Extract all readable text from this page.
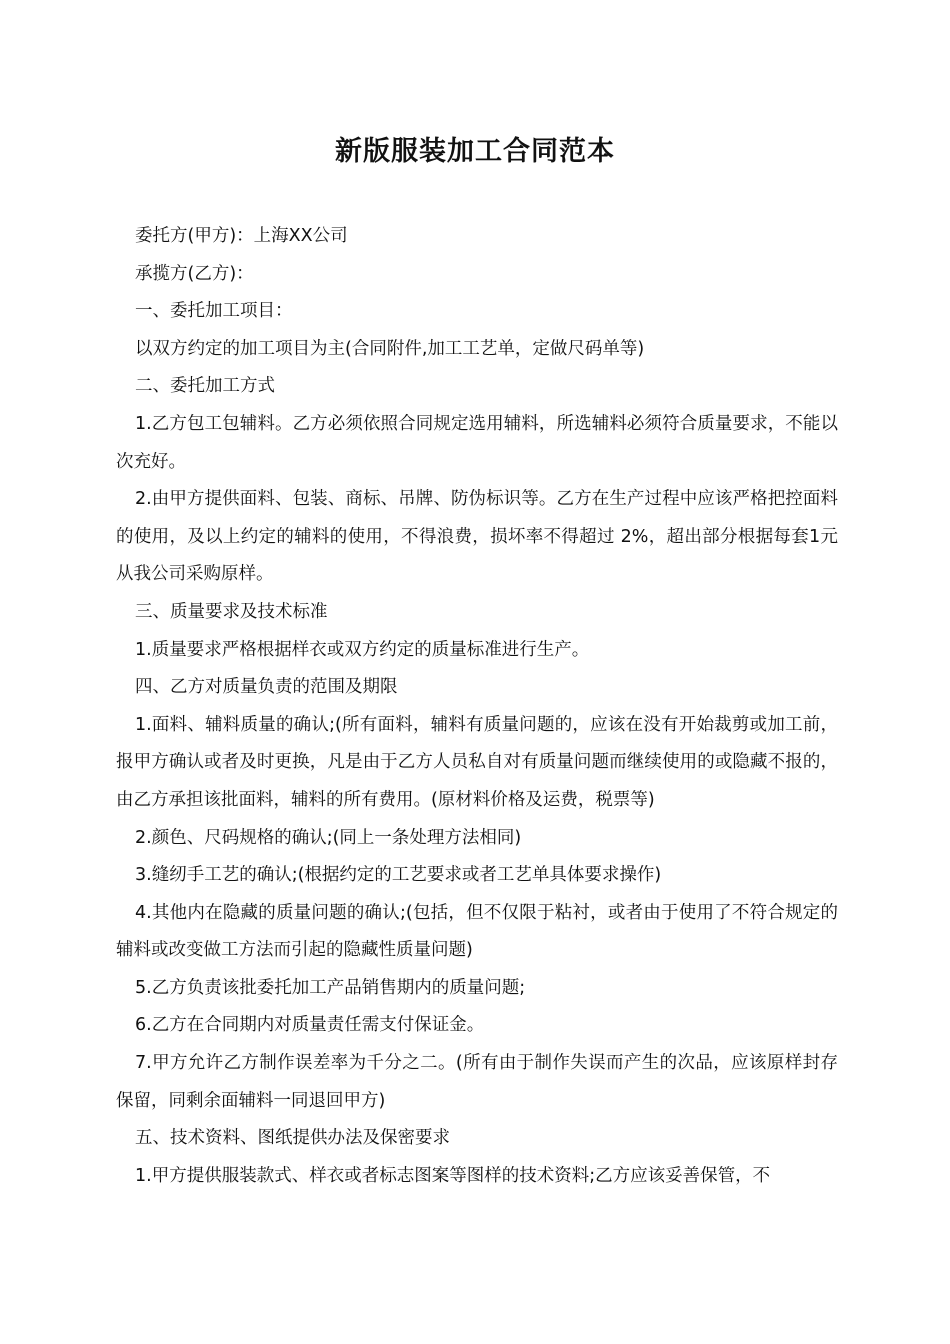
新版服装加工合同范本

委托方(甲方)：上海XX公司

承揽方(乙方)：

一、委托加工项目：

以双方约定的加工项目为主(合同附件,加工工艺单，定做尺码单等)

二、委托加工方式

1.乙方包工包辅料。乙方必须依照合同规定选用辅料，所选辅料必须符合质量要求，不能以次充好。

2.由甲方提供面料、包装、商标、吊牌、防伪标识等。乙方在生产过程中应该严格把控面料的使用，及以上约定的辅料的使用，不得浪费，损坏率不得超过 2%，超出部分根据每套1元从我公司采购原样。

三、质量要求及技术标准

1.质量要求严格根据样衣或双方约定的质量标准进行生产。

四、乙方对质量负责的范围及期限

1.面料、辅料质量的确认;(所有面料，辅料有质量问题的，应该在没有开始裁剪或加工前，报甲方确认或者及时更换，凡是由于乙方人员私自对有质量问题而继续使用的或隐藏不报的，由乙方承担该批面料，辅料的所有费用。(原材料价格及运费，税票等)

2.颜色、尺码规格的确认;(同上一条处理方法相同)

3.缝纫手工艺的确认;(根据约定的工艺要求或者工艺单具体要求操作)

4.其他内在隐藏的质量问题的确认;(包括，但不仅限于粘衬，或者由于使用了不符合规定的辅料或改变做工方法而引起的隐藏性质量问题)

5.乙方负责该批委托加工产品销售期内的质量问题;

6.乙方在合同期内对质量责任需支付保证金。

7.甲方允许乙方制作误差率为千分之二。(所有由于制作失误而产生的次品，应该原样封存保留，同剩余面辅料一同退回甲方)

五、技术资料、图纸提供办法及保密要求

1.甲方提供服装款式、样衣或者标志图案等图样的技术资料;乙方应该妥善保管，不
